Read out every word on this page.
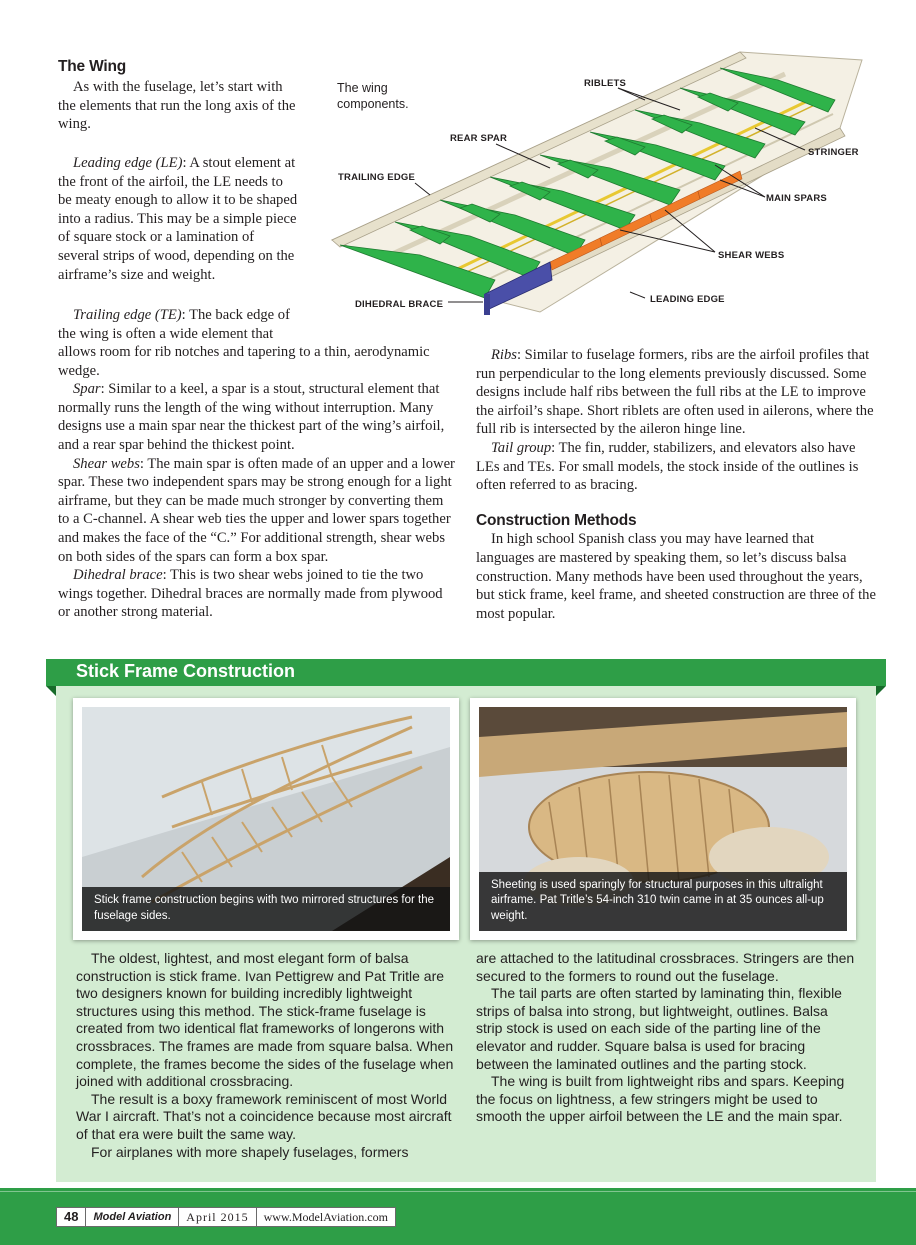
The Wing

As with the fuselage, let’s start with the elements that run the long axis of the wing.

Leading edge (LE): A stout element at the front of the airfoil, the LE needs to be meaty enough to allow it to be shaped into a radius. This may be a simple piece of square stock or a lamination of several strips of wood, depending on the airframe’s size and weight.

Trailing edge (TE): The back edge of the wing is often a wide element that

allows room for rib notches and tapering to a thin, aerodynamic wedge.

Spar: Similar to a keel, a spar is a stout, structural element that normally runs the length of the wing without interruption. Many designs use a main spar near the thickest part of the wing’s airfoil, and a rear spar behind the thickest point.

Shear webs: The main spar is often made of an upper and a lower spar. These two independent spars may be strong enough for a light airframe, but they can be made much stronger by converting them to a C-channel. A shear web ties the upper and lower spars together and makes the face of the “C.” For additional strength, shear webs on both sides of the spars can form a box spar.

Dihedral brace: This is two shear webs joined to tie the two wings together. Dihedral braces are normally made from plywood or another strong material.

Ribs: Similar to fuselage formers, ribs are the airfoil profiles that run perpendicular to the long elements previously discussed. Some designs include half ribs between the full ribs at the LE to improve the airfoil’s shape. Short riblets are often used in ailerons, where the full rib is intersected by the aileron hinge line.

Tail group: The fin, rudder, stabilizers, and elevators also have LEs and TEs. For small models, the stock inside of the outlines is often referred to as bracing.

Construction Methods

In high school Spanish class you may have learned that languages are mastered by speaking them, so let’s discuss balsa construction. Many methods have been used throughout the years, but stick frame, keel frame, and sheeted construction are three of the most popular.

RIBLETS
REAR SPAR
STRINGER
TRAILING EDGE
MAIN SPARS
SHEAR WEBS
LEADING EDGE
DIHEDRAL BRACE
The wing components.
Stick Frame Construction
Stick frame construction begins with two mirrored structures for the fuselage sides.
Sheeting is used sparingly for structural purposes in this ultralight airframe. Pat Tritle’s 54-inch 310 twin came in at 35 ounces all-up weight.

The oldest, lightest, and most elegant form of balsa construction is stick frame. Ivan Pettigrew and Pat Tritle are two designers known for building incredibly lightweight structures using this method. The stick-frame fuselage is created from two identical flat frameworks of longerons with crossbraces. The frames are made from square balsa. When complete, the frames become the sides of the fuselage when joined with additional crossbracing.

The result is a boxy framework reminiscent of most World War I aircraft. That’s not a coincidence because most aircraft of that era were built the same way.

For airplanes with more shapely fuselages, formers

are attached to the latitudinal crossbraces. Stringers are then secured to the formers to round out the fuselage.

The tail parts are often started by laminating thin, flexible strips of balsa into strong, but lightweight, outlines. Balsa strip stock is used on each side of the parting line of the elevator and rudder. Square balsa is used for bracing between the laminated outlines and the parting stock.

The wing is built from lightweight ribs and spars. Keeping the focus on lightness, a few stringers might be used to smooth the upper airfoil between the LE and the main spar.

48	Model Aviation	April 2015	www.ModelAviation.com
